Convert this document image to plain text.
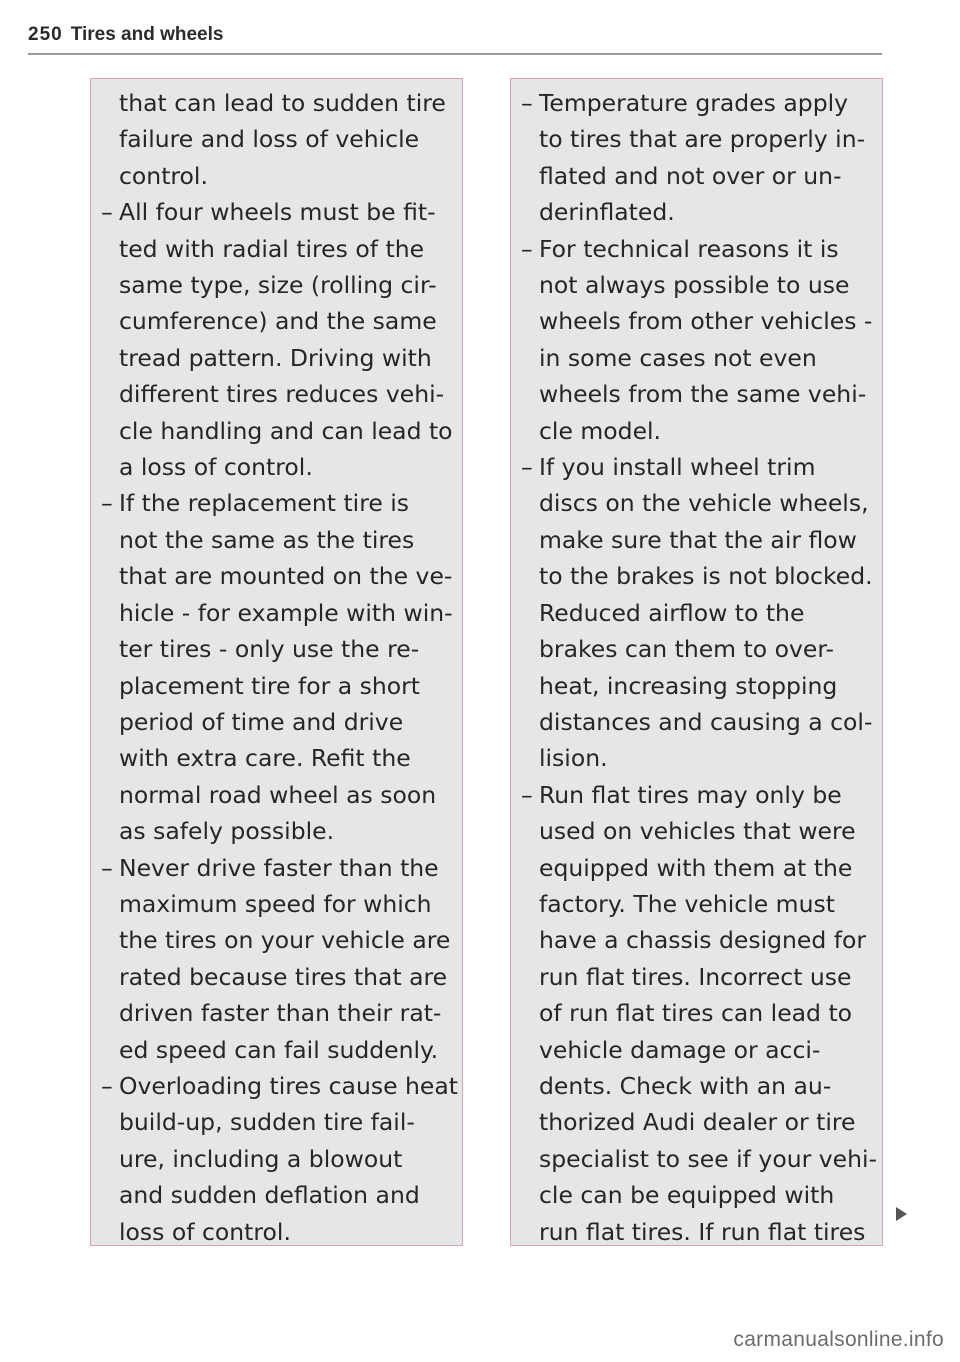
250 Tires and wheels
that can lead to sudden tire
failure and loss of vehicle
control.
– All four wheels must be fit-
ted with radial tires of the
same type, size (rolling cir-
cumference) and the same
tread pattern. Driving with
different tires reduces vehi-
cle handling and can lead to
a loss of control.
– If the replacement tire is
not the same as the tires
that are mounted on the ve-
hicle - for example with win-
ter tires - only use the re-
placement tire for a short
period of time and drive
with extra care. Refit the
normal road wheel as soon
as safely possible.
– Never drive faster than the
maximum speed for which
the tires on your vehicle are
rated because tires that are
driven faster than their rat-
ed speed can fail suddenly.
– Overloading tires cause heat
build-up, sudden tire fail-
ure, including a blowout
and sudden deflation and
loss of control.
– Temperature grades apply
to tires that are properly in-
flated and not over or un-
derinflated.
– For technical reasons it is
not always possible to use
wheels from other vehicles -
in some cases not even
wheels from the same vehi-
cle model.
– If you install wheel trim
discs on the vehicle wheels,
make sure that the air flow
to the brakes is not blocked.
Reduced airflow to the
brakes can them to over-
heat, increasing stopping
distances and causing a col-
lision.
– Run flat tires may only be
used on vehicles that were
equipped with them at the
factory. The vehicle must
have a chassis designed for
run flat tires. Incorrect use
of run flat tires can lead to
vehicle damage or acci-
dents. Check with an au-
thorized Audi dealer or tire
specialist to see if your vehi-
cle can be equipped with
run flat tires. If run flat tires
carmanualsonline.info
